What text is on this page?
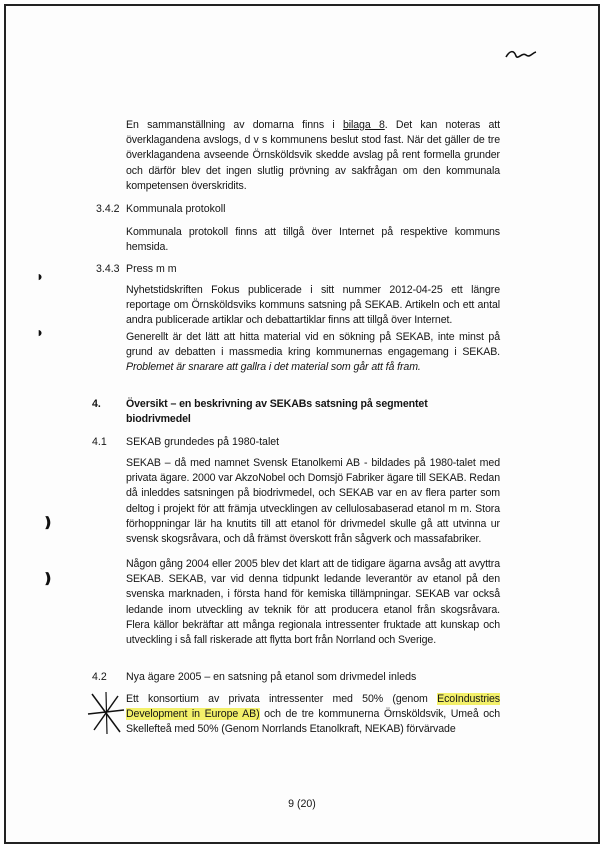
◗
◗
❫
❫
En sammanställning av domarna finns i bilaga 8. Det kan noteras att överklagandena avslogs, d v s kommunens beslut stod fast. När det gäller de tre överklagandena avseende Örnsköldsvik skedde avslag på rent formella grunder och därför blev det ingen slutlig prövning av sakfrågan om den kommunala kompetensen överskridits.
3.4.2 Kommunala protokoll
Kommunala protokoll finns att tillgå över Internet på respektive kommuns hemsida.
3.4.3 Press m m
Nyhetstidskriften Fokus publicerade i sitt nummer 2012-04-25 ett längre reportage om Örnsköldsviks kommuns satsning på SEKAB. Artikeln och ett antal andra publicerade artiklar och debattartiklar finns att tillgå över Internet.
Generellt är det lätt att hitta material vid en sökning på SEKAB, inte minst på grund av debatten i massmedia kring kommunernas engagemang i SEKAB. Problemet är snarare att gallra i det material som går att få fram.
4. Översikt – en beskrivning av SEKABs satsning på segmentet biodrivmedel
4.1 SEKAB grundedes på 1980-talet
SEKAB – då med namnet Svensk Etanolkemi AB - bildades på 1980-talet med privata ägare. 2000 var AkzoNobel och Domsjö Fabriker ägare till SEKAB. Redan då inleddes satsningen på biodrivmedel, och SEKAB var en av flera parter som deltog i projekt för att främja utvecklingen av cellulosabaserad etanol m m. Stora förhoppningar lär ha knutits till att etanol för drivmedel skulle gå att utvinna ur svensk skogsråvara, och då främst överskott från sågverk och massafabriker.
Någon gång 2004 eller 2005 blev det klart att de tidigare ägarna avsåg att avyttra SEKAB. SEKAB, var vid denna tidpunkt ledande leverantör av etanol på den svenska marknaden, i första hand för kemiska tillämpningar. SEKAB var också ledande inom utveckling av teknik för att producera etanol från skogsråvara. Flera källor bekräftar att många regionala intressenter fruktade att kunskap och utveckling i så fall riskerade att flytta bort från Norrland och Sverige.
4.2 Nya ägare 2005 – en satsning på etanol som drivmedel inleds
Ett konsortium av privata intressenter med 50% (genom EcoIndustries Development in Europe AB) och de tre kommunerna Örnsköldsvik, Umeå och Skellefteå med 50% (Genom Norrlands Etanolkraft, NEKAB) förvärvade
9 (20)
